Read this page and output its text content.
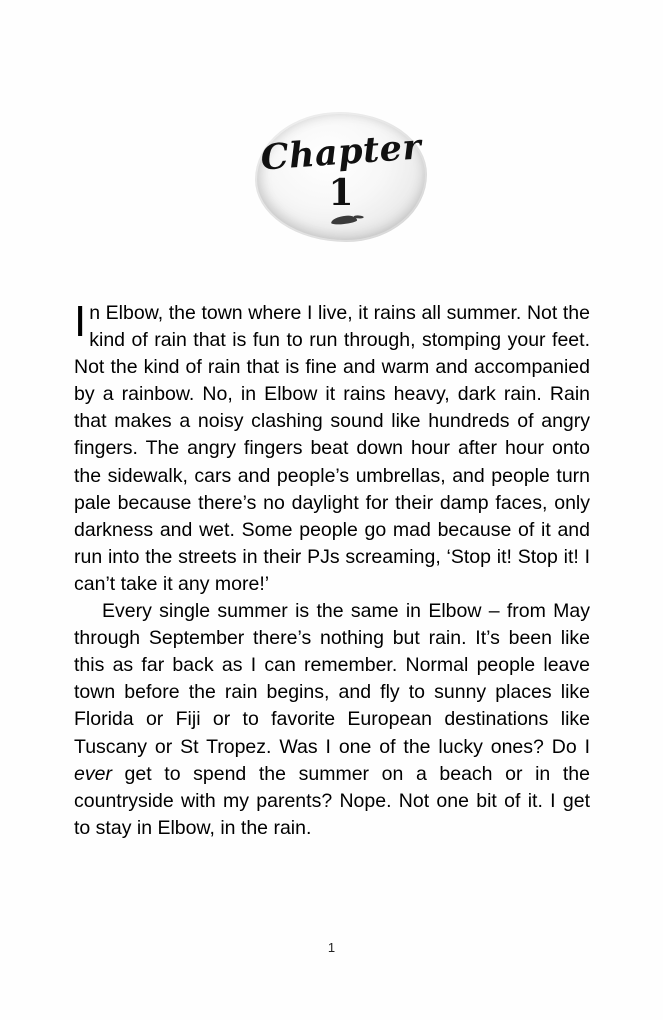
Chapter
1

In Elbow, the town where I live, it rains all summer. Not the kind of rain that is fun to run through, stomping your feet. Not the kind of rain that is fine and warm and accompanied by a rainbow. No, in Elbow it rains heavy, dark rain. Rain that makes a noisy clashing sound like hundreds of angry fingers. The angry fingers beat down hour after hour onto the sidewalk, cars and people’s umbrellas, and people turn pale because there’s no daylight for their damp faces, only darkness and wet. Some people go mad because of it and run into the streets in their PJs screaming, ‘Stop it! Stop it! I can’t take it any more!’

Every single summer is the same in Elbow – from May through September there’s nothing but rain. It’s been like this as far back as I can remember. Normal people leave town before the rain begins, and fly to sunny places like Florida or Fiji or to favorite European destinations like Tuscany or St Tropez. Was I one of the lucky ones? Do I ever get to spend the summer on a beach or in the countryside with my parents? Nope. Not one bit of it. I get to stay in Elbow, in the rain.

1
